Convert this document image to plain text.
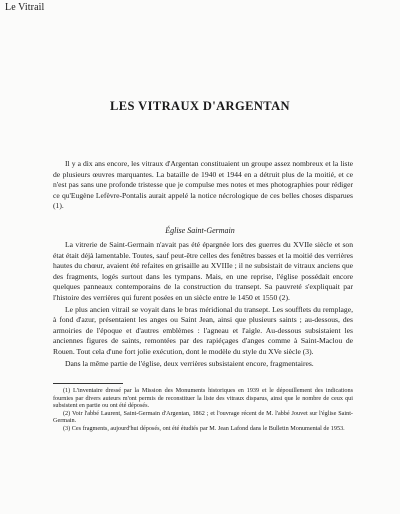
Le Vitrail
LES VITRAUX D'ARGENTAN

Il y a dix ans encore, les vitraux d'Argentan constituaient un groupe assez nombreux et la liste de plusieurs œuvres marquantes. La bataille de 1940 et 1944 en a détruit plus de la moitié, et ce n'est pas sans une profonde tristesse que je compulse mes notes et mes photographies pour rédiger ce qu'Eugène Lefèvre-Pontalis aurait appelé la notice nécrologique de ces belles choses disparues (1).

Église Saint-Germain

La vitrerie de Saint-Germain n'avait pas été épargnée lors des guerres du XVIIe siècle et son état était déjà lamentable. Toutes, sauf peut-être celles des fenêtres basses et la moitié des verrières hautes du chœur, avaient été refaites en grisaille au XVIIIe ; il ne subsistait de vitraux anciens que des fragments, logés surtout dans les tympans. Mais, en une reprise, l'église possédait encore quelques panneaux contemporains de la construction du transept. Sa pauvreté s'expliquait par l'histoire des verrières qui furent posées en un siècle entre le 1450 et 1550 (2).

Le plus ancien vitrail se voyait dans le bras méridional du transept. Les soufflets du remplage, à fond d'azur, présentaient les anges ou Saint Jean, ainsi que plusieurs saints ; au-dessous, des armoiries de l'époque et d'autres emblèmes : l'agneau et l'aigle. Au-dessous subsistaient les anciennes figures de saints, remontées par des rapiéçages d'anges comme à Saint-Maclou de Rouen. Tout cela d'une fort jolie exécution, dont le modèle du style du XVe siècle (3).

Dans la même partie de l'église, deux verrières subsistaient encore, fragmentaires.

(1) L'inventaire dressé par la Mission des Monuments historiques en 1939 et le dépouillement des indications fournies par divers auteurs m'ont permis de reconstituer la liste des vitraux disparus, ainsi que le nombre de ceux qui subsistent en partie ou ont été déposés.

(2) Voir l'abbé Laurent, Saint-Germain d'Argentan, 1862 ; et l'ouvrage récent de M. l'abbé Jouvet sur l'église Saint-Germain.

(3) Ces fragments, aujourd'hui déposés, ont été étudiés par M. Jean Lafond dans le Bulletin Monumental de 1953.
